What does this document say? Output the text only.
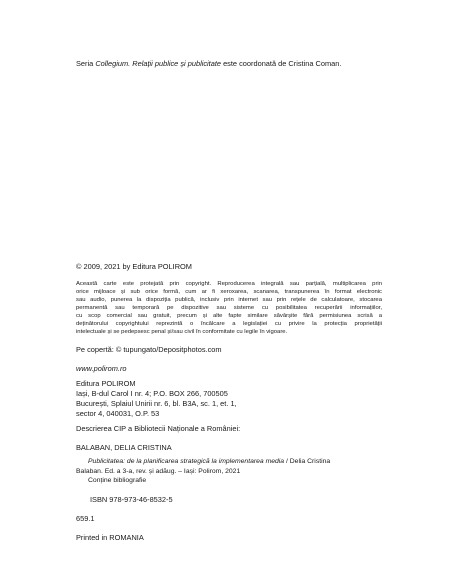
Seria Collegium. Relații publice și publicitate este coordonată de Cristina Coman.
© 2009, 2021 by Editura POLIROM
Această carte este protejată prin copyright. Reproducerea integrală sau parțială, multiplicarea prin
orice mijloace și sub orice formă, cum ar fi xeroxarea, scanarea, transpunerea în format electronic
sau audio, punerea la dispoziția publică, inclusiv prin internet sau prin rețele de calculatoare, stocarea
permanentă sau temporară pe dispozitive sau sisteme cu posibilitatea recuperării informațiilor,
cu scop comercial sau gratuit, precum și alte fapte similare săvârșite fără permisiunea scrisă a
deținătorului copyrightului reprezintă o încălcare a legislației cu privire la protecția proprietății
intelectuale și se pedepsesc penal și/sau civil în conformitate cu legile în vigoare.
Pe copertă: © tupungato/Depositphotos.com
www.polirom.ro
Editura POLIROM
Iași, B-dul Carol I nr. 4; P.O. BOX 266, 700505
București, Splaiul Unirii nr. 6, bl. B3A, sc. 1, et. 1,
sector 4, 040031, O.P. 53
Descrierea CIP a Bibliotecii Naționale a României:
BALABAN, DELIA CRISTINA
Publicitatea: de la planificarea strategică la implementarea media / Delia Cristina
Balaban. Ed. a 3-a, rev. și adăug. – Iași: Polirom, 2021
Conține bibliografie
ISBN 978-973-46-8532-5
659.1
Printed in ROMANIA
